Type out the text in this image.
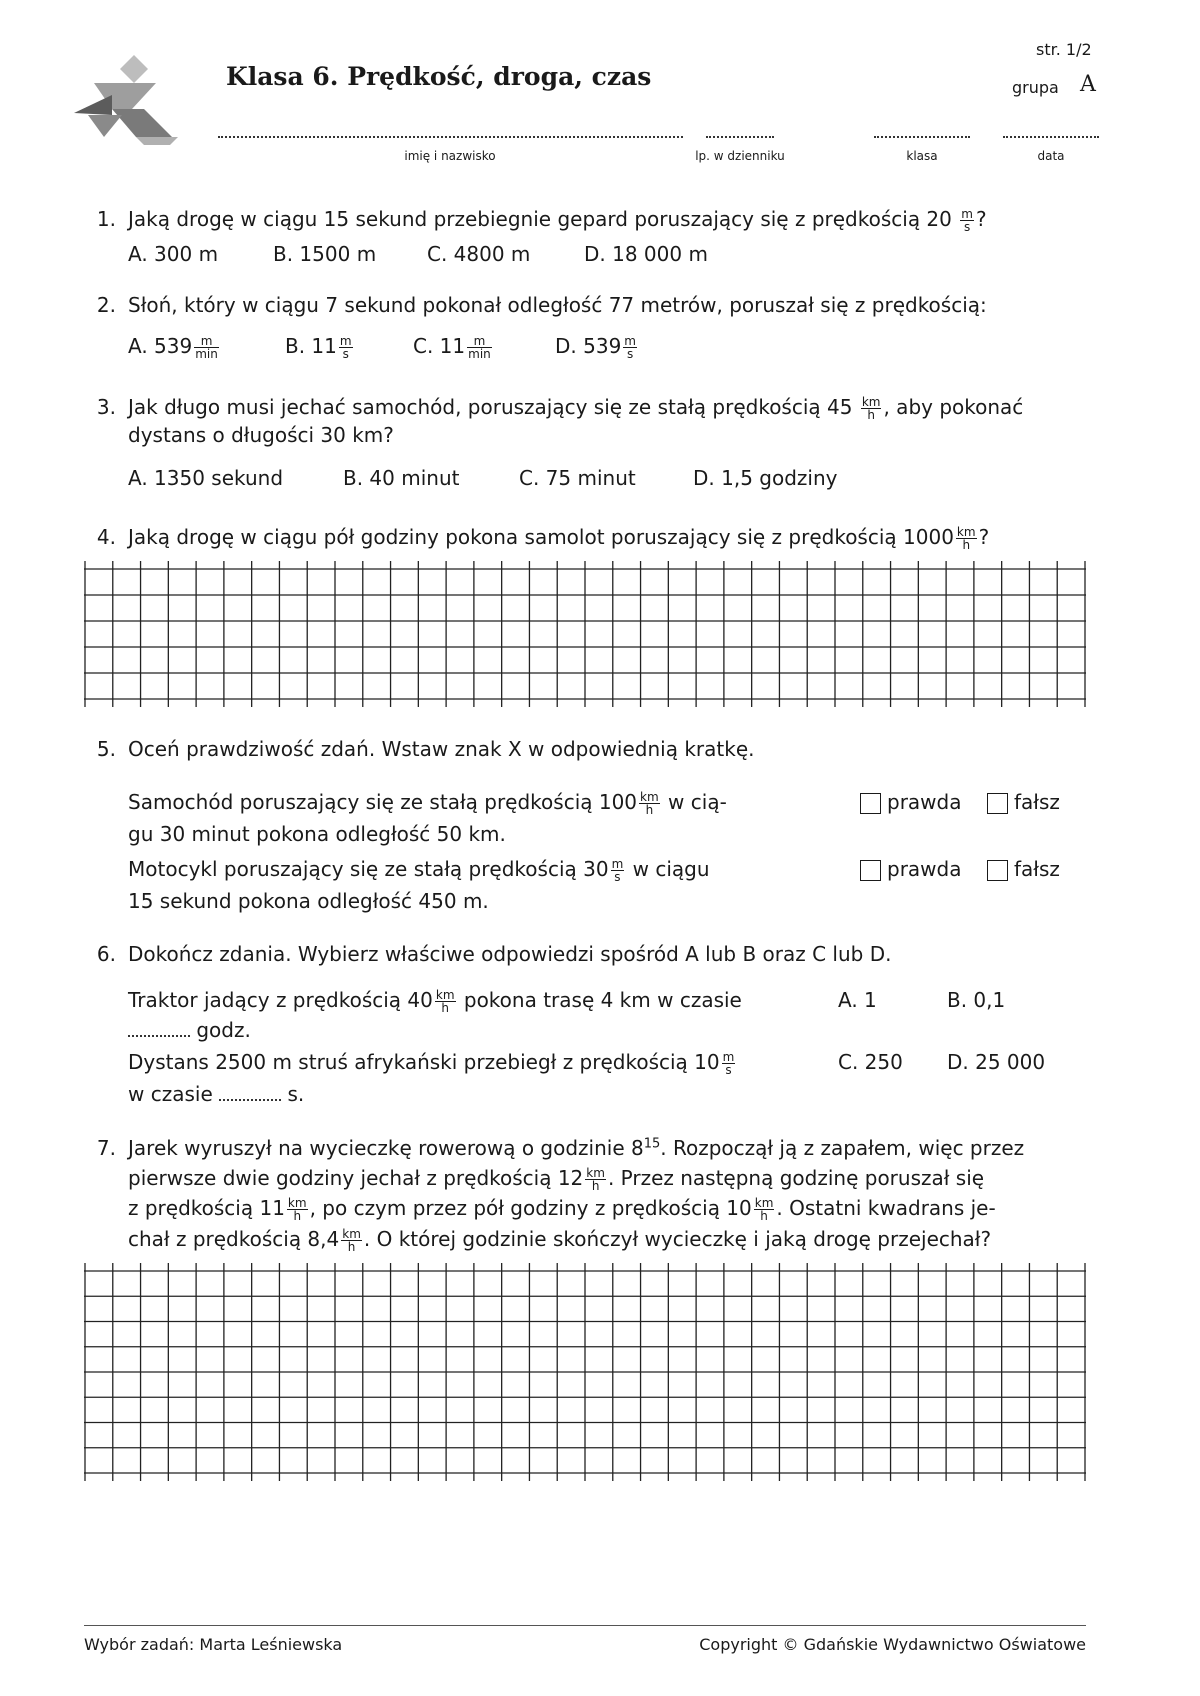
Klasa 6. Prędkość, droga, czas
str. 1/2
grupa A
imię i nazwisko	lp. w dzienniku	klasa	data
1. Jaką drogę w ciągu 15 sekund przebiegnie gepard poruszający się z prędkością $20 \frac{m}{s}$ ?
A. 300 m	B. 1500 m	C. 4800 m	D. 18 000 m
2. Słoń, który w ciągu 7 sekund pokonał odległość 77 metrów, poruszał się z prędkością:
A. $539 \frac{m}{\min}$	B. $11 \frac{m}{s}$	C. $11 \frac{m}{\min}$	D. $539 \frac{m}{s}$
3. Jak długo musi jechać samochód, poruszający się ze stałą prędkością $45 \frac{km}{h}$ , aby pokonać
dystans o długości 30 km?
A. 1350 sekund	B. 40 minut	C. 75 minut	D. 1,5 godziny
4. Jaką drogę w ciągu pół godziny pokona samolot poruszający się z prędkością $1000 \frac{km}{h}$ ?
5. Oceń prawdziwość zdań. Wstaw znak X w odpowiednią kratkę.
Samochód poruszający się ze stałą prędkością $100 \frac{km}{h}$ w cią-
gu 30 minut pokona odległość 50 km.
prawda	fałsz
Motocykl poruszający się ze stałą prędkością $30 \frac{m}{s}$ w ciągu
15 sekund pokona odległość 450 m.
prawda	fałsz
6. Dokończ zdania. Wybierz właściwe odpowiedzi spośród A lub B oraz C lub D.
Traktor jadący z prędkością $40 \frac{km}{h}$ pokona trasę 4 km w czasie
godz.
A. 1	B. 0,1
Dystans 2500 m struś afrykański przebiegł z prędkością $10 \frac{m}{s}$
w czasie	s.
C. 250 D. 25 000
7. Jarek wyruszył na wycieczkę rowerową o godzinie $8^{15}$. Rozpoczął ją z zapałem, więc przez
pierwsze dwie godziny jechał z prędkością $12 \frac{km}{h}$ . Przez następną godzinę poruszał się
z prędkością $11 \frac{km}{h}$ , po czym przez pół godziny z prędkością $10 \frac{km}{h}$ . Ostatni kwadrans je-
chał z prędkością $8,4 \frac{km}{h}$ . O której godzinie skończył wycieczkę i jaką drogę przejechał?
Wybór zadań: Marta Leśniewska	Copyright © Gdańskie Wydawnictwo Oświatowe
